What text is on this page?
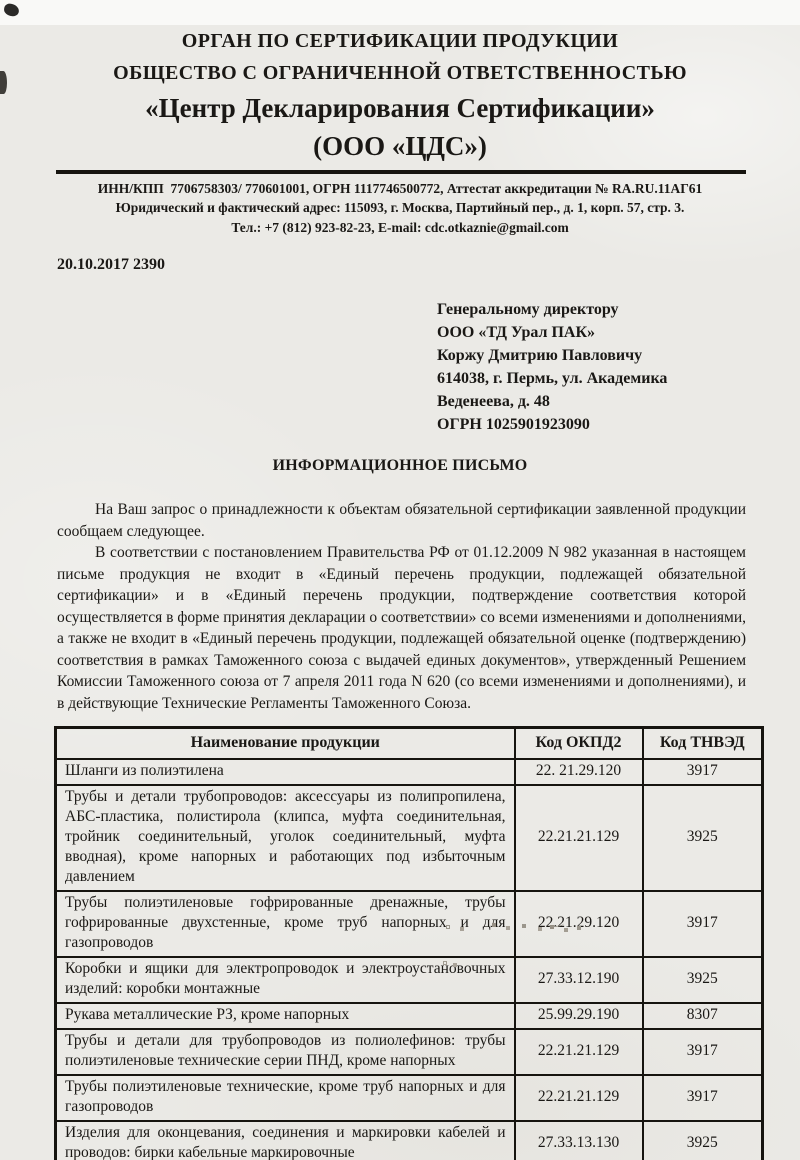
ОРГАН ПО СЕРТИФИКАЦИИ ПРОДУКЦИИ
ОБЩЕСТВО С ОГРАНИЧЕННОЙ ОТВЕТСТВЕННОСТЬЮ
«Центр Декларирования Сертификации»
(ООО «ЦДС»)
ИНН/КПП  7706758303/ 770601001, ОГРН 1117746500772, Аттестат аккредитации № RA.RU.11АГ61
Юридический и фактический адрес: 115093, г. Москва, Партийный пер., д. 1, корп. 57, стр. 3.
Тел.: +7 (812) 923-82-23, E-mail: cdc.otkaznie@gmail.com
20.10.2017 2390
Генеральному директору
ООО «ТД Урал ПАК»
Коржу Дмитрию Павловичу
614038, г. Пермь, ул. Академика
Веденеева, д. 48
ОГРН 1025901923090
ИНФОРМАЦИОННОЕ ПИСЬМО

На Ваш запрос о принадлежности к объектам обязательной сертификации заявленной продукции сообщаем следующее.

В соответствии с постановлением Правительства РФ от 01.12.2009 N 982 указанная в настоящем письме продукция не входит в «Единый перечень продукции, подлежащей обязательной сертификации» и в «Единый перечень продукции, подтверждение соответствия которой осуществляется в форме принятия декларации о соответствии» со всеми изменениями и дополнениями, а также не входит в «Единый перечень продукции, подлежащей обязательной оценке (подтверждению) соответствия в рамках Таможенного союза с выдачей единых документов», утвержденный Решением Комиссии Таможенного союза от 7 апреля 2011 года N 620 (со всеми изменениями и дополнениями), и в действующие Технические Регламенты Таможенного Союза.

Наименование продукции	Код ОКПД2	Код ТНВЭД
Шланги из полиэтилена	22. 21.29.120	3917
Трубы и детали трубопроводов: аксессуары из полипропилена, АБС-пластика, полистирола (клипса, муфта соединительная, тройник соединительный, уголок соединительный, муфта вводная), кроме напорных и работающих под избыточным давлением	22.21.21.129	3925
Трубы полиэтиленовые гофрированные дренажные, трубы гофрированные двухстенные, кроме труб напорных и для газопроводов	22.21.29.120	3917
Коробки и ящики для электропроводок и электроустановочных изделий: коробки монтажные	27.33.12.190	3925
Рукава металлические РЗ, кроме напорных	25.99.29.190	8307
Трубы и детали для трубопроводов из полиолефинов: трубы полиэтиленовые технические серии ПНД, кроме напорных	22.21.21.129	3917
Трубы полиэтиленовые технические, кроме труб напорных и для газопроводов	22.21.21.129	3917
Изделия для оконцевания, соединения и маркировки кабелей и проводов: бирки кабельные маркировочные	27.33.13.130	3925
